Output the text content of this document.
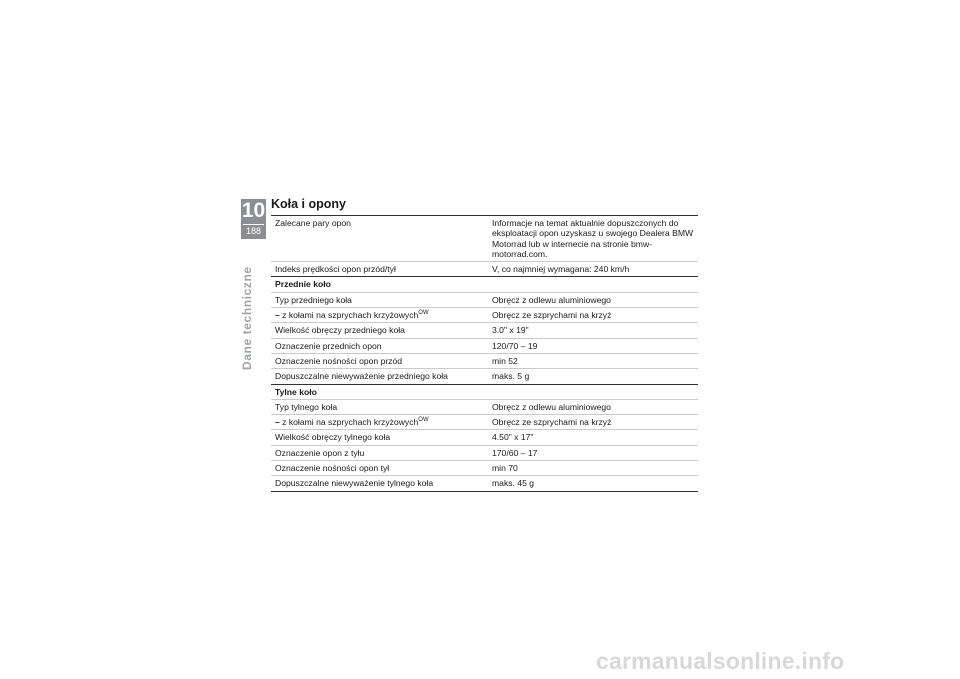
10
188
Dane techniczne
Koła i opony
Zalecane pary opon	Informacje na temat aktualnie dopuszczonych do eksploatacji opon uzyskasz u swojego Dealera BMW Motorrad lub w internecie na stronie bmw-motorrad.com.
Indeks prędkości opon przód/tył	V, co najmniej wymagana: 240 km/h
Przednie koło	
Typ przedniego koła	Obręcz z odlewu aluminiowego
– z kołami na szprychach krzyżowych$^{OW}$	Obręcz ze szprychami na krzyż
Wielkość obręczy przedniego koła	3.0" x 19"
Oznaczenie przednich opon	120/70 – 19
Oznaczenie nośności opon przód	min 52
Dopuszczalne niewyważenie przedniego koła	maks. 5 g
Tylne koło	
Typ tylnego koła	Obręcz z odlewu aluminiowego
– z kołami na szprychach krzyżowych$^{OW}$	Obręcz ze szprychami na krzyż
Wielkość obręczy tylnego koła	4.50" x 17"
Oznaczenie opon z tyłu	170/60 – 17
Oznaczenie nośności opon tył	min 70
Dopuszczalne niewyważenie tylnego koła	maks. 45 g
carmanualsonline.info
